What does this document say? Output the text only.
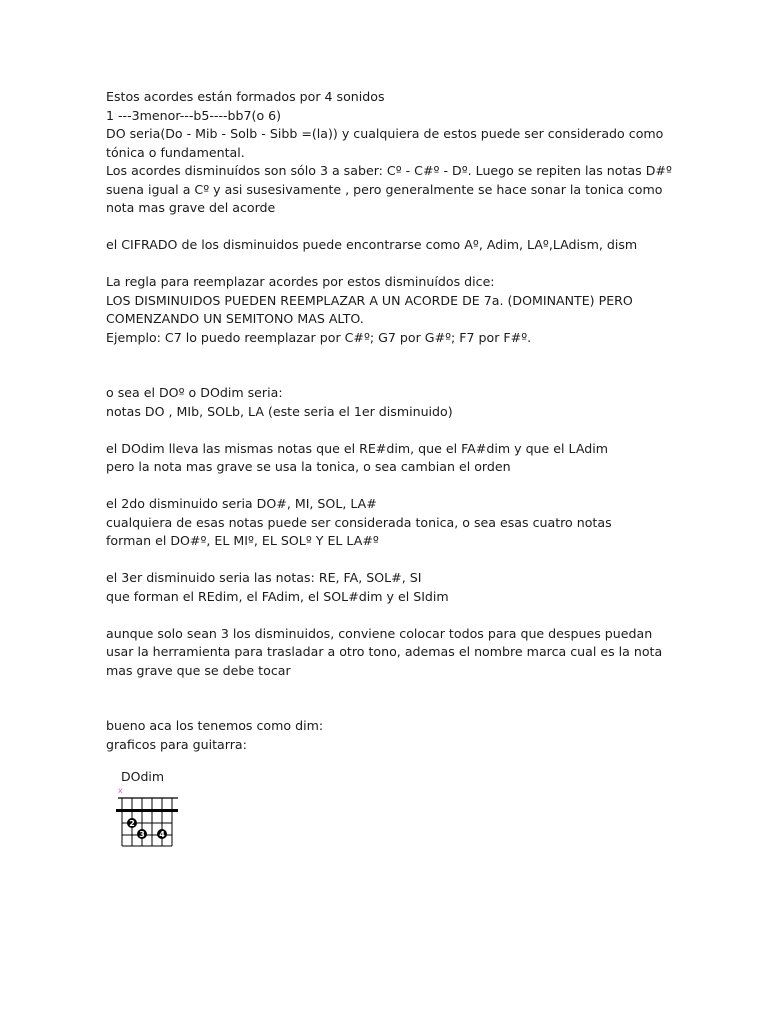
Estos acordes están formados por 4 sonidos
1 ---3menor---b5----bb7(o 6)
DO seria(Do - Mib - Solb - Sibb =(la)) y cualquiera de estos puede ser considerado como
tónica o fundamental.
Los acordes disminuídos son sólo 3 a saber: Cº - C#º - Dº. Luego se repiten las notas D#º
suena igual a Cº y asi susesivamente , pero generalmente se hace sonar la tonica como
nota mas grave del acorde
el CIFRADO de los disminuidos puede encontrarse como Aº, Adim, LAº,LAdism, dism
La regla para reemplazar acordes por estos disminuídos dice:
LOS DISMINUIDOS PUEDEN REEMPLAZAR A UN ACORDE DE 7a. (DOMINANTE) PERO
COMENZANDO UN SEMITONO MAS ALTO.
Ejemplo: C7 lo puedo reemplazar por C#º; G7 por G#º; F7 por F#º.
o sea el DOº o DOdim seria:
notas DO , MIb, SOLb, LA (este seria el 1er disminuido)
el DOdim lleva las mismas notas que el RE#dim, que el FA#dim y que el LAdim
pero la nota mas grave se usa la tonica, o sea cambian el orden
el 2do disminuido seria DO#, MI, SOL, LA#
cualquiera de esas notas puede ser considerada tonica, o sea esas cuatro notas
forman el DO#º, EL MIº, EL SOLº Y EL LA#º
el 3er disminuido seria las notas: RE, FA, SOL#, SI
que forman el REdim, el FAdim, el SOL#dim y el SIdim
aunque solo sean 3 los disminuidos, conviene colocar todos para que despues puedan
usar la herramienta para trasladar a otro tono, ademas el nombre marca cual es la nota
mas grave que se debe tocar
bueno aca los tenemos como dim:
graficos para guitarra:
DOdim
x
2
3 4
